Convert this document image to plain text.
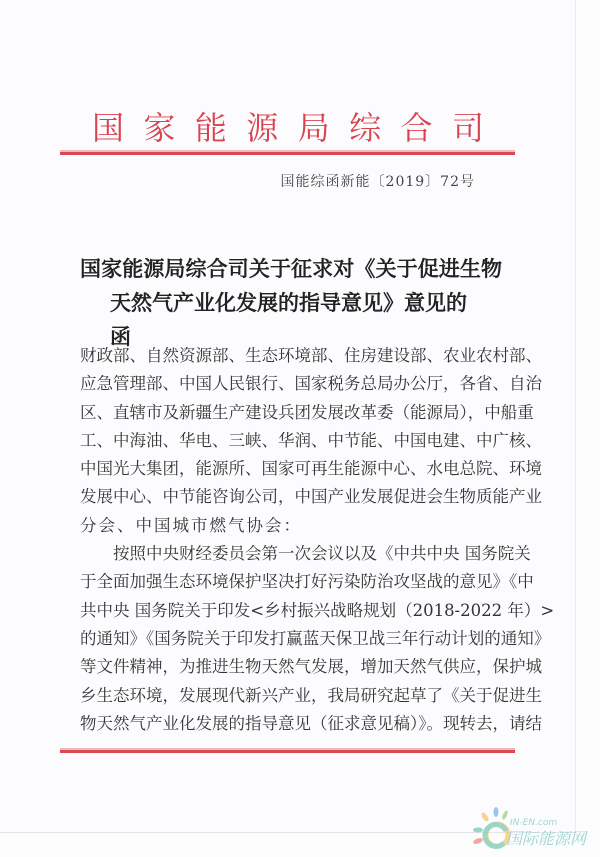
国家能源局综合司
国能综函新能〔2019〕72号
国家能源局综合司关于征求对《关于促进生物
天然气产业化发展的指导意见》意见的函
财政部、自然资源部、生态环境部、住房建设部、农业农村部、
应急管理部、中国人民银行、国家税务总局办公厅，各省、自治
区、直辖市及新疆生产建设兵团发展改革委（能源局），中船重
工、中海油、华电、三峡、华润、中节能、中国电建、中广核、
中国光大集团，能源所、国家可再生能源中心、水电总院、环境
发展中心、中节能咨询公司，中国产业发展促进会生物质能产业
分会、中国城市燃气协会：
　　按照中央财经委员会第一次会议以及《中共中央 国务院关
于全面加强生态环境保护坚决打好污染防治攻坚战的意见》《中
共中央 国务院关于印发<乡村振兴战略规划（2018-2022 年）>
的通知》《国务院关于印发打赢蓝天保卫战三年行动计划的通知》
等文件精神，为推进生物天然气发展，增加天然气供应，保护城
乡生态环境，发展现代新兴产业，我局研究起草了《关于促进生
物天然气产业化发展的指导意见（征求意见稿）》。现转去，请结
IN-EN.com
国际能源网
